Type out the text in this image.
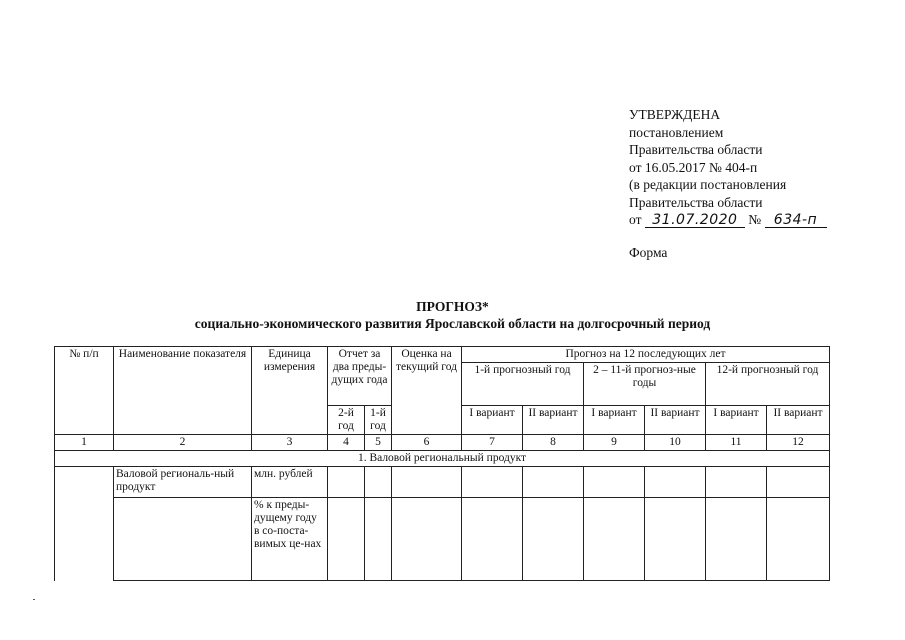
УТВЕРЖДЕНА
постановлением
Правительства области
от 16.05.2017 № 404-п
(в редакции постановления
Правительства области
от 31.07.2020 № 634-п
Форма
ПРОГНОЗ*
социально-экономического развития Ярославской области на долгосрочный период
№ п/п	Наименование показателя	Единица измерения	Отчет за два преды-дущих года		Оценка на текущий год	Прогноз на 12 последующих лет					
						1-й прогнозный год		2 – 11-й прогноз-ные годы		12-й прогнозный год	
			2-й год	1-й год		I вариант	II вариант	I вариант	II вариант	I вариант	II вариант
1	2	3	4	5	6	7	8	9	10	11	12
1. Валовой региональный продукт											
	Валовой региональ-ный продукт	млн. рублей									
		% к преды-дущему году в со-поста-вимых це-нах									
